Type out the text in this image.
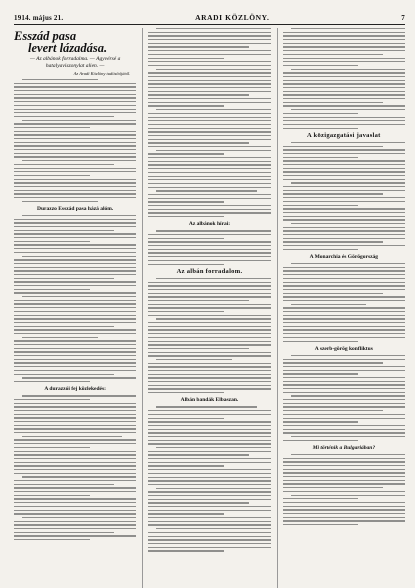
1914. május 21.	ARADI KÖZLÖNY.	7
Esszád pasa
levert lázadása.
— Az albánok forradalma. — Agyvérsé a hatalyaviszonylat alien. —
Az Aradi Közlöny tudósítójától.
Durazzo Esszád pasa házá alóm.
A durazzói fej közlekedés:
Az albánok hírai:
Az albán forradalom.
Albán bandák Elbaszan.
A közigazgatási javaslat
A Monarchia és Görögország
A szerb-görög konfliktus
Mi történik a Bulgariában?
